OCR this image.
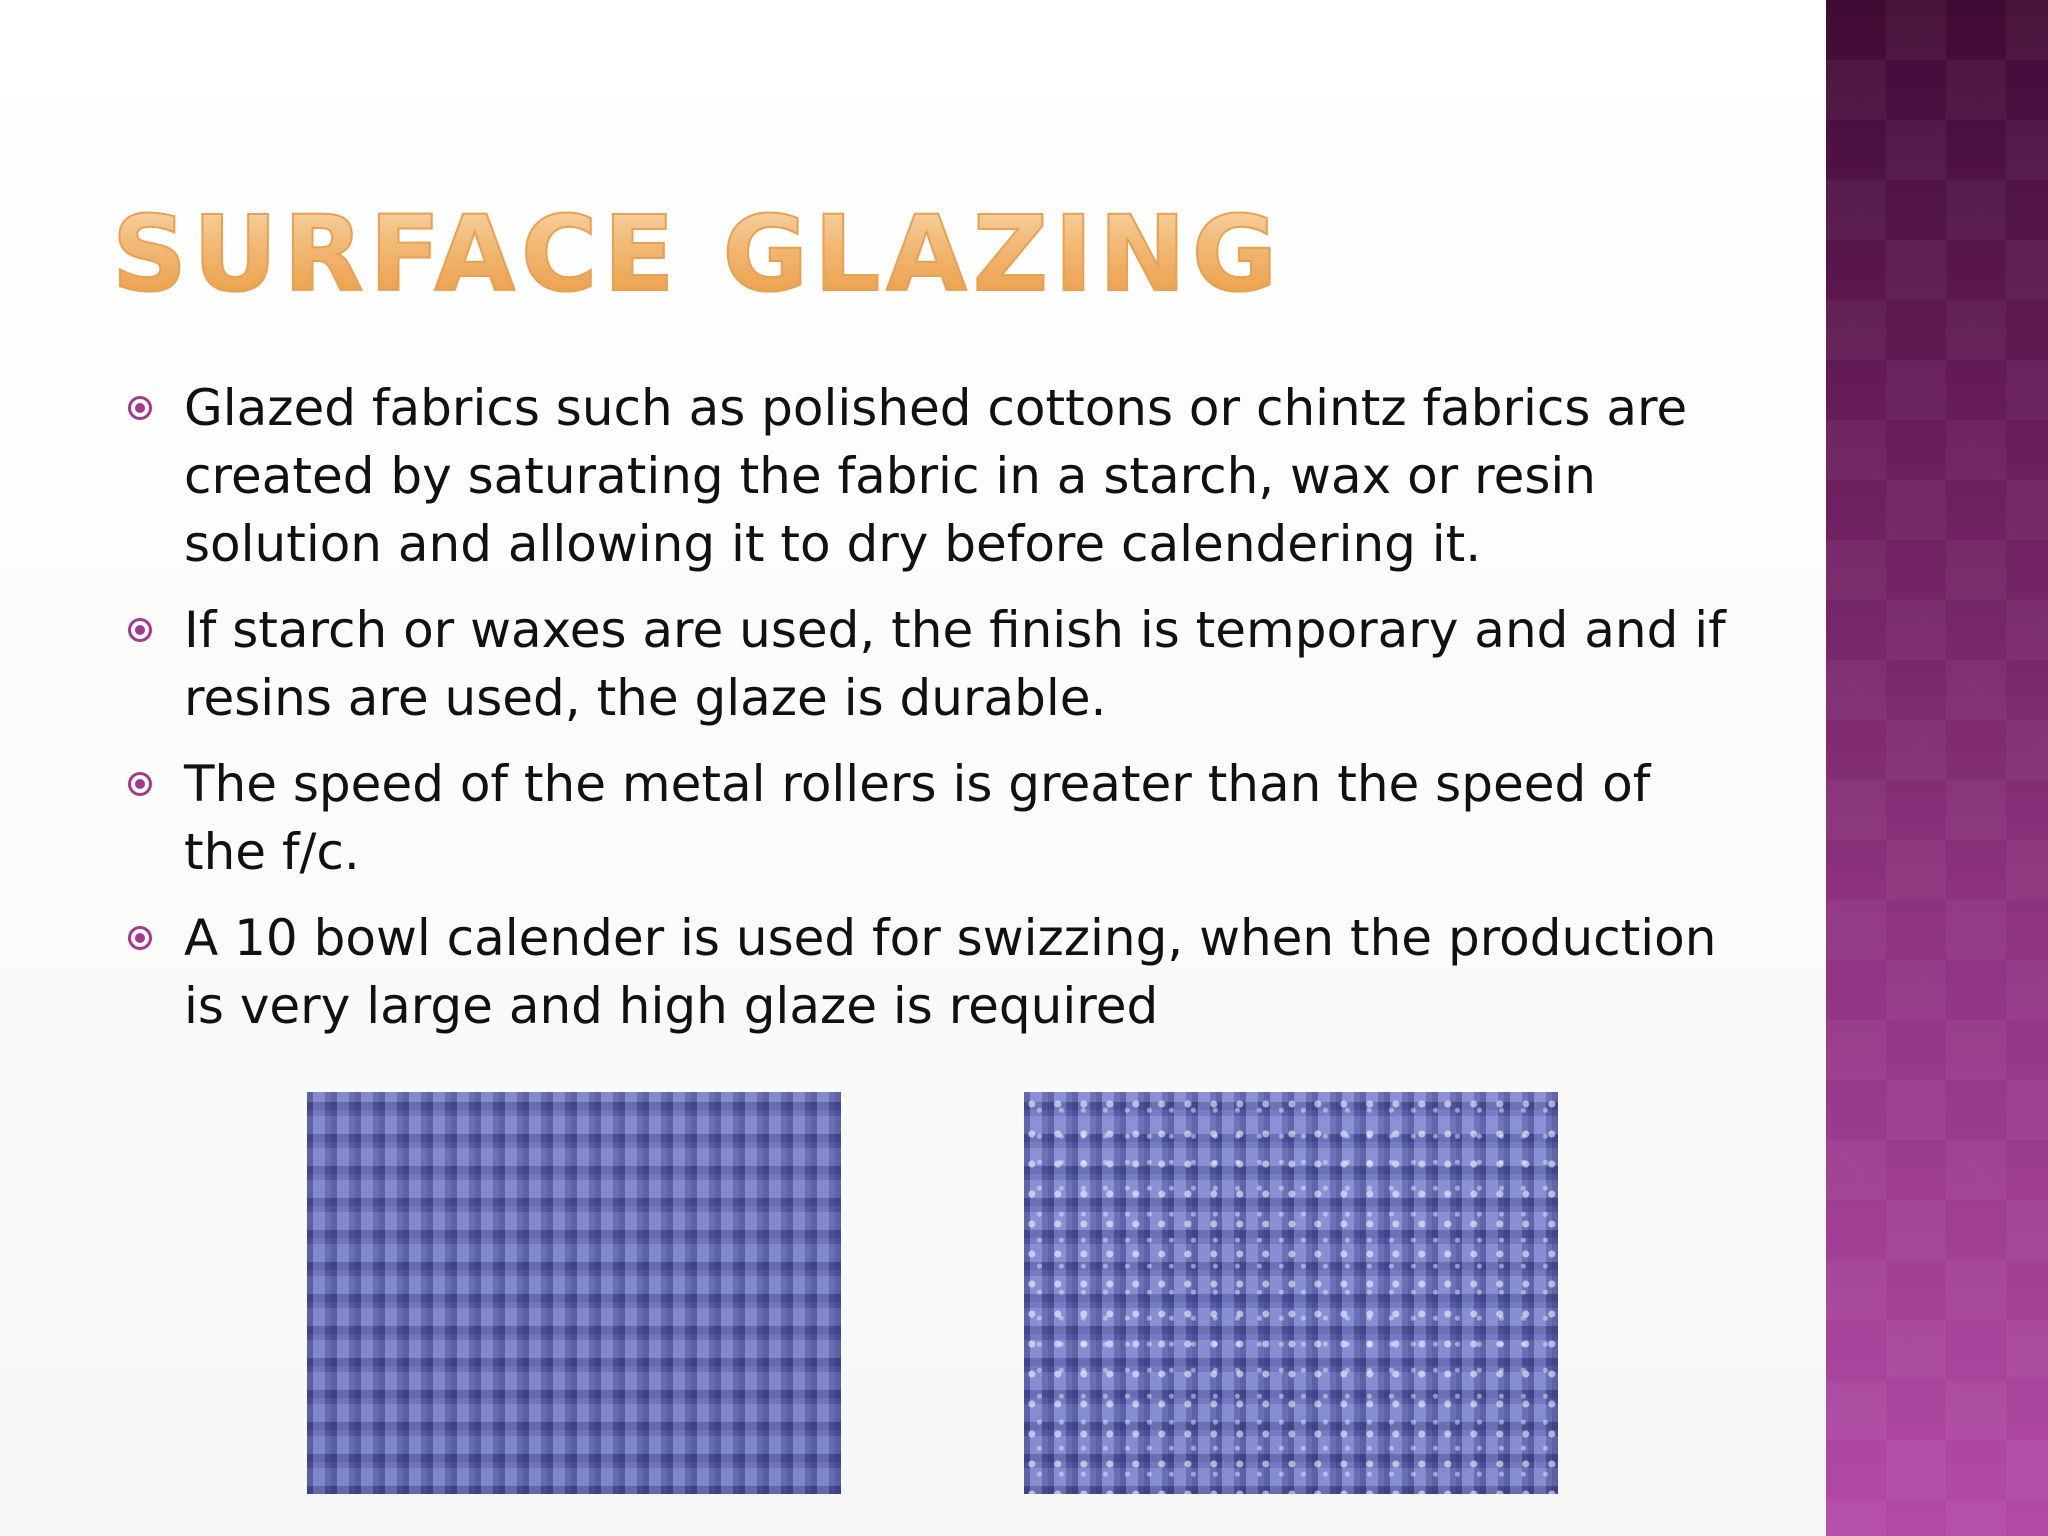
SURFACE GLAZING
Glazed fabrics such as polished cottons or chintz fabrics are created by saturating the fabric in a starch, wax or resin solution and allowing it to dry before calendering it.
If starch or waxes are used, the finish is temporary and and if resins are used, the glaze is durable.
The speed of the metal rollers is greater than the speed of the f/c.
A 10 bowl calender is used for swizzing, when the production is very large and high glaze is required
